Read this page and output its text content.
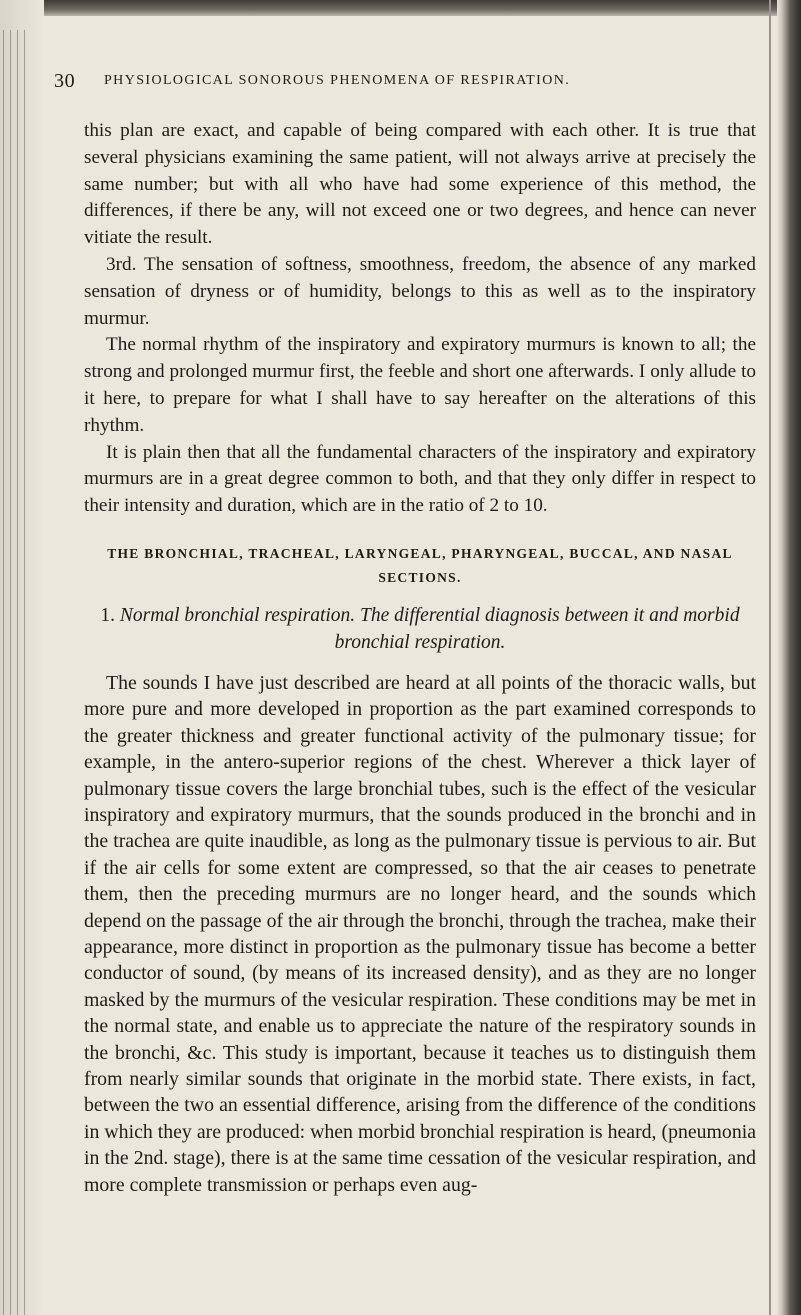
30 PHYSIOLOGICAL SONOROUS PHENOMENA OF RESPIRATION.

this plan are exact, and capable of being compared with each other. It is true that several physicians examining the same patient, will not always arrive at precisely the same number; but with all who have had some experience of this method, the differences, if there be any, will not exceed one or two degrees, and hence can never vitiate the result.

3rd. The sensation of softness, smoothness, freedom, the absence of any marked sensation of dryness or of humidity, belongs to this as well as to the inspiratory murmur.

The normal rhythm of the inspiratory and expiratory murmurs is known to all; the strong and prolonged murmur first, the feeble and short one afterwards. I only allude to it here, to prepare for what I shall have to say hereafter on the alterations of this rhythm.

It is plain then that all the fundamental characters of the inspiratory and expiratory murmurs are in a great degree common to both, and that they only differ in respect to their intensity and duration, which are in the ratio of 2 to 10.

THE BRONCHIAL, TRACHEAL, LARYNGEAL, PHARYNGEAL, BUCCAL, AND NASAL SECTIONS.
1. Normal bronchial respiration. The differential diagnosis between it and morbid bronchial respiration.

The sounds I have just described are heard at all points of the thoracic walls, but more pure and more developed in proportion as the part examined corresponds to the greater thickness and greater functional activity of the pulmonary tissue; for example, in the antero-superior regions of the chest. Wherever a thick layer of pulmonary tissue covers the large bronchial tubes, such is the effect of the vesicular inspiratory and expiratory murmurs, that the sounds produced in the bronchi and in the trachea are quite inaudible, as long as the pulmonary tissue is pervious to air. But if the air cells for some extent are compressed, so that the air ceases to penetrate them, then the preceding murmurs are no longer heard, and the sounds which depend on the passage of the air through the bronchi, through the trachea, make their appearance, more distinct in proportion as the pulmonary tissue has become a better conductor of sound, (by means of its increased density), and as they are no longer masked by the murmurs of the vesicular respiration. These conditions may be met in the normal state, and enable us to appreciate the nature of the respiratory sounds in the bronchi, &c. This study is important, because it teaches us to distinguish them from nearly similar sounds that originate in the morbid state. There exists, in fact, between the two an essential difference, arising from the difference of the conditions in which they are produced: when morbid bronchial respiration is heard, (pneumonia in the 2nd. stage), there is at the same time cessation of the vesicular respiration, and more complete transmission or perhaps even aug-
